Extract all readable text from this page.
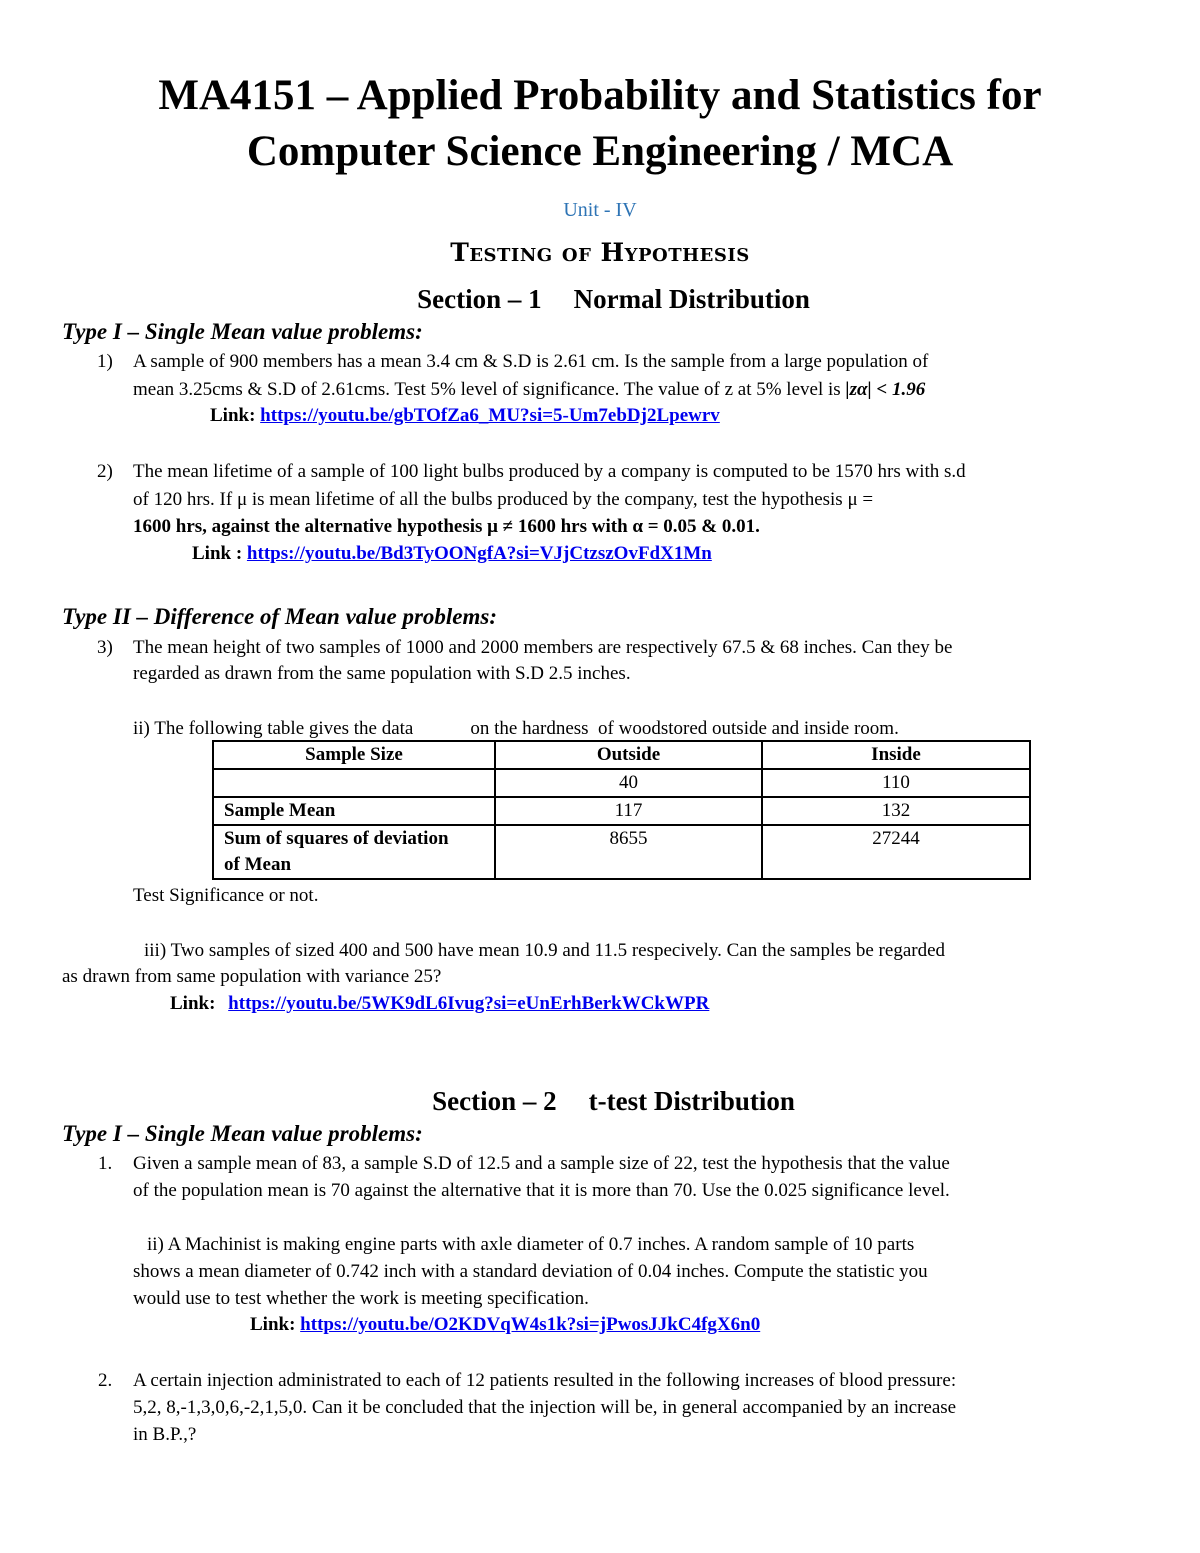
MA4151 – Applied Probability and Statistics for
Computer Science Engineering / MCA
Unit - IV
Testing of Hypothesis
Section – 1 Normal Distribution
Type I – Single Mean value problems:
1) A sample of 900 members has a mean 3.4 cm & S.D is 2.61 cm. Is the sample from a large population of
mean 3.25cms & S.D of 2.61cms. Test 5% level of significance. The value of z at 5% level is |zα| < 1.96
Link: https://youtu.be/gbTOfZa6_MU?si=5-Um7ebDj2Lpewrv
2) The mean lifetime of a sample of 100 light bulbs produced by a company is computed to be 1570 hrs with s.d
of 120 hrs. If μ is mean lifetime of all the bulbs produced by the company, test the hypothesis μ =
1600 hrs, against the alternative hypothesis μ ≠ 1600 hrs with α = 0.05 & 0.01.
Link : https://youtu.be/Bd3TyOONgfA?si=VJjCtzszOvFdX1Mn
Type II – Difference of Mean value problems:
3) The mean height of two samples of 1000 and 2000 members are respectively 67.5 & 68 inches. Can they be
regarded as drawn from the same population with S.D 2.5 inches.
ii) The following table gives the data            on the hardness  of woodstored outside and inside room.
Sample Size	Outside	Inside
	40	110
Sample Mean	117	132
Sum of squares of deviation of Mean	8655	27244
Test Significance or not.
iii) Two samples of sized 400 and 500 have mean 10.9 and 11.5 respecively. Can the samples be regarded
as drawn from same population with variance 25?
Link: https://youtu.be/5WK9dL6Ivug?si=eUnErhBerkWCkWPR
Section – 2 t-test Distribution
Type I – Single Mean value problems:
1. Given a sample mean of 83, a sample S.D of 12.5 and a sample size of 22, test the hypothesis that the value
of the population mean is 70 against the alternative that it is more than 70. Use the 0.025 significance level.
ii) A Machinist is making engine parts with axle diameter of 0.7 inches. A random sample of 10 parts
shows a mean diameter of 0.742 inch with a standard deviation of 0.04 inches. Compute the statistic you
would use to test whether the work is meeting specification.
Link: https://youtu.be/O2KDVqW4s1k?si=jPwosJJkC4fgX6n0
2. A certain injection administrated to each of 12 patients resulted in the following increases of blood pressure:
5,2, 8,-1,3,0,6,-2,1,5,0. Can it be concluded that the injection will be, in general accompanied by an increase
in B.P.,?
